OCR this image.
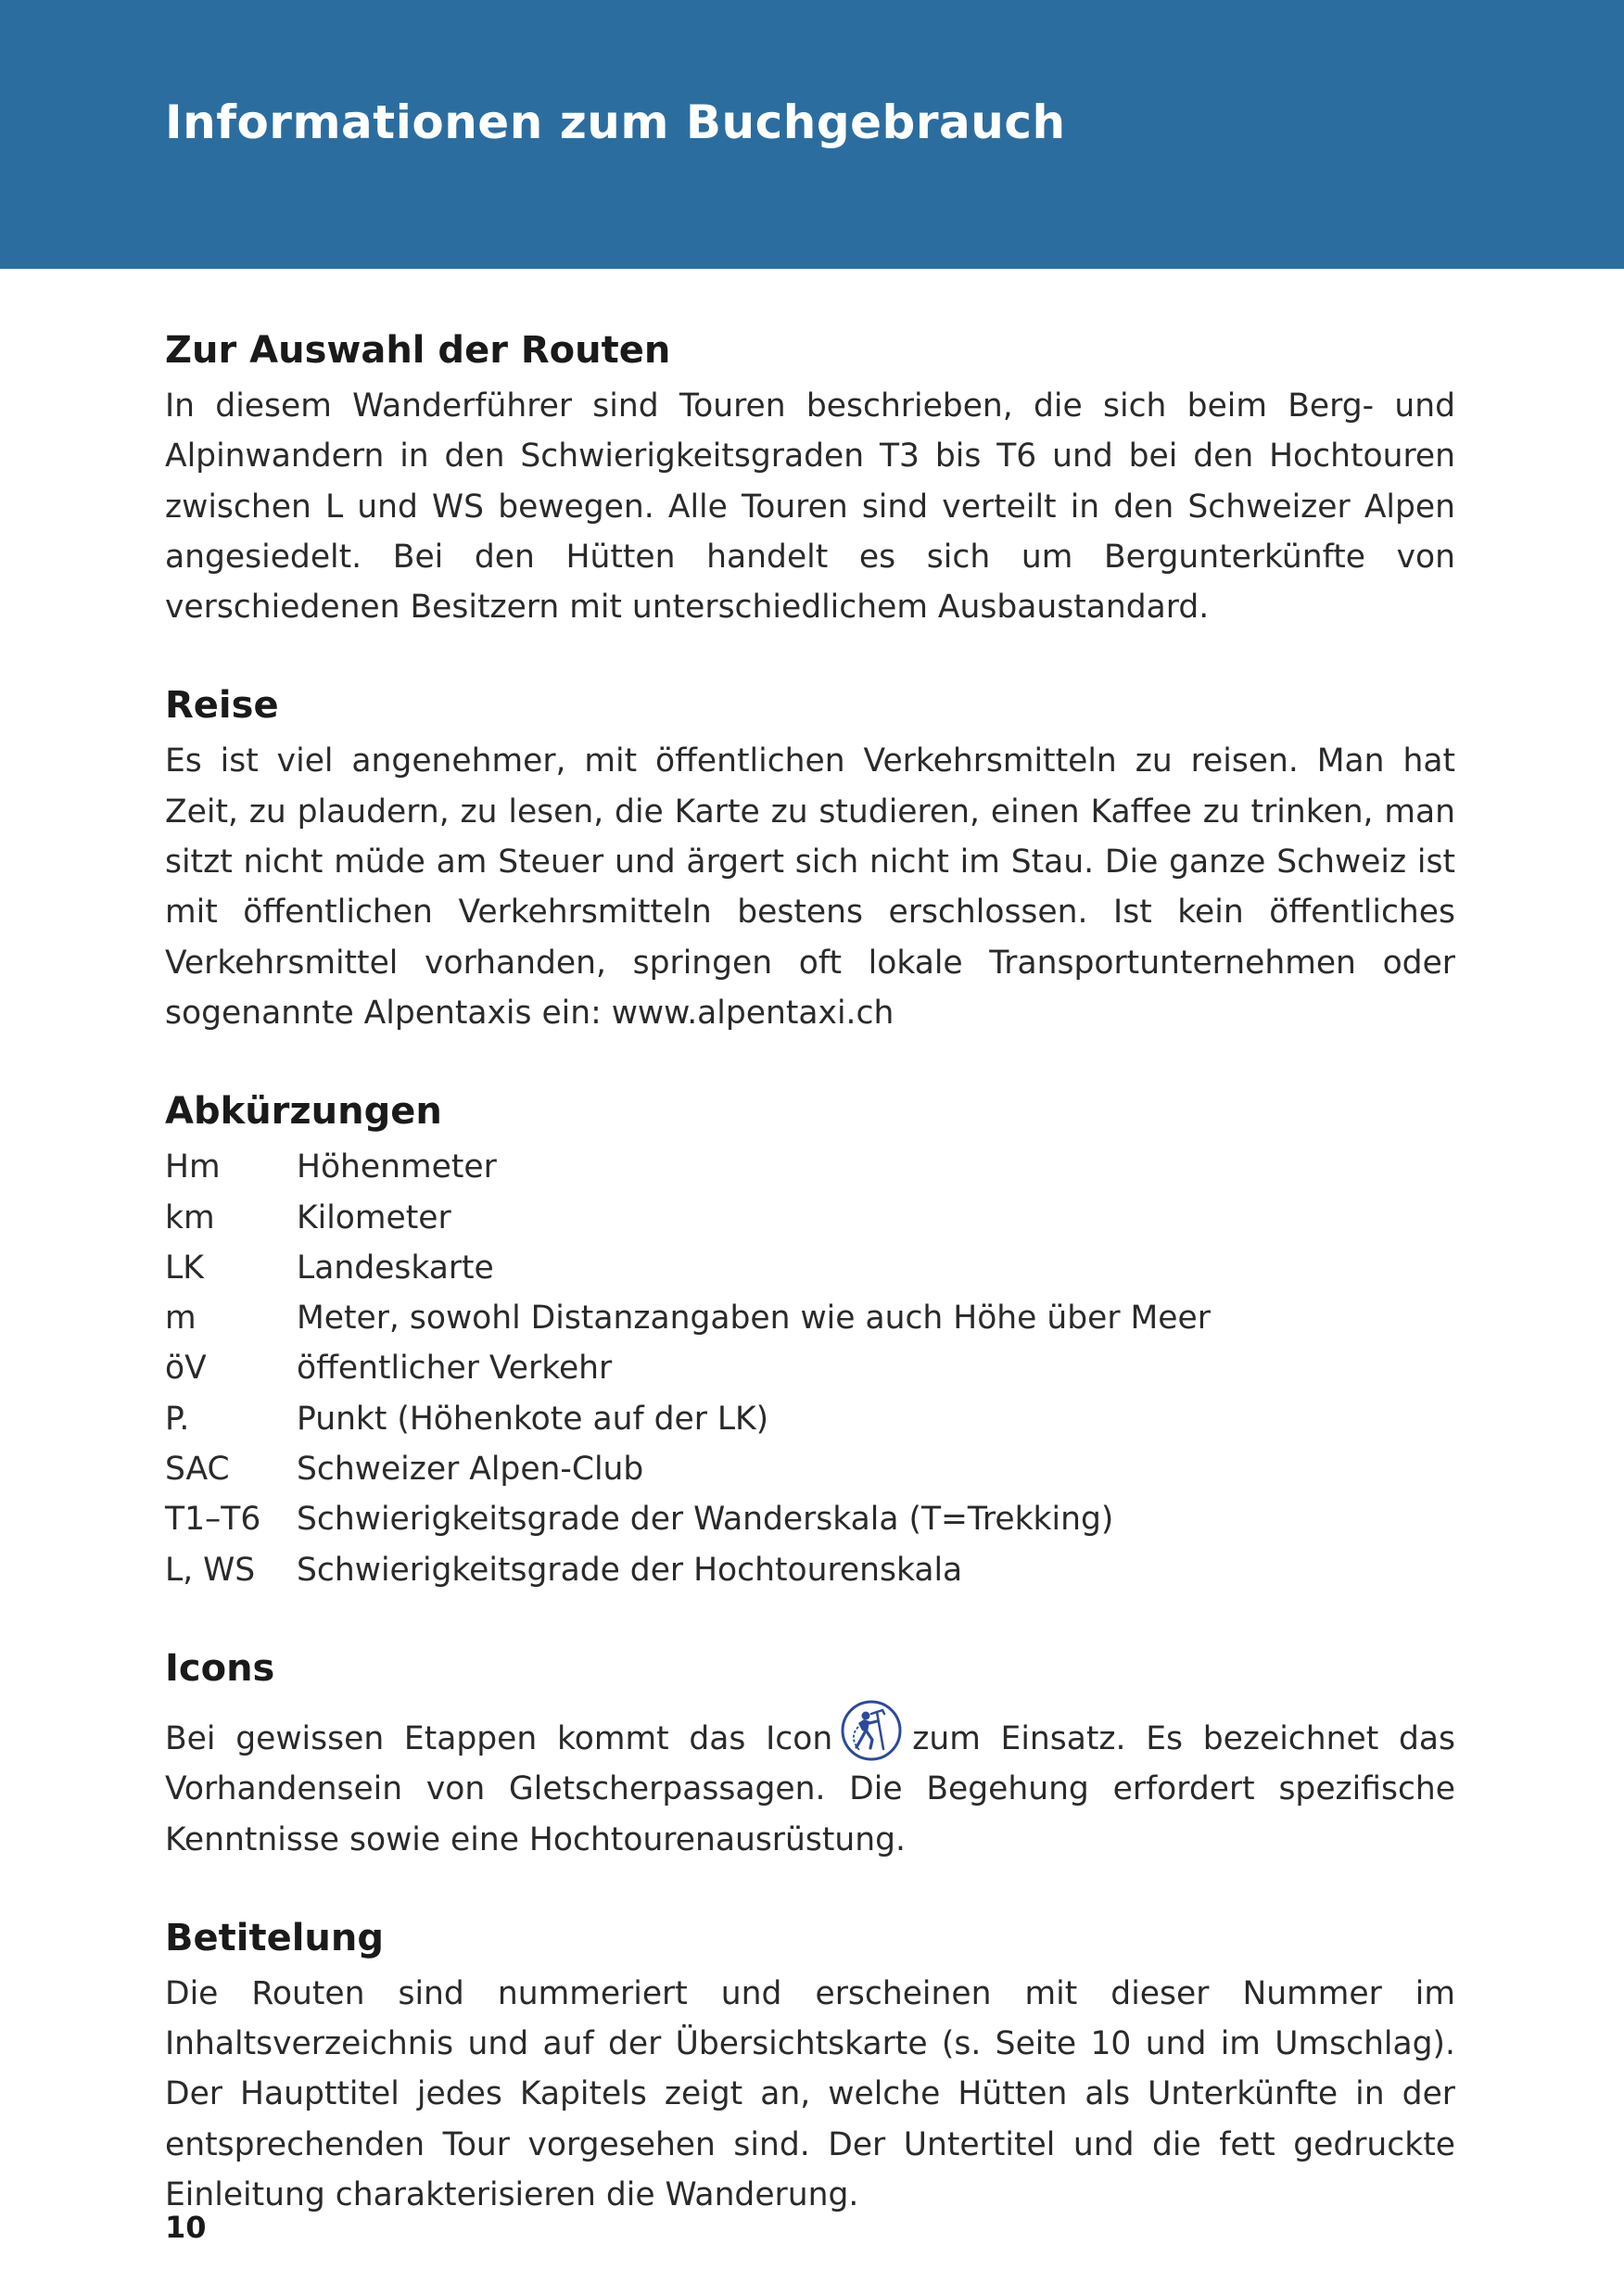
Informationen zum Buchgebrauch
Zur Auswahl der Routen

In diesem Wanderführer sind Touren beschrieben, die sich beim Berg- und Alpinwandern in den Schwierigkeitsgraden T3 bis T6 und bei den Hochtouren zwischen L und WS bewegen. Alle Touren sind verteilt in den Schweizer Alpen angesiedelt. Bei den Hütten handelt es sich um Bergunterkünfte von verschiedenen Besitzern mit unterschiedlichem Ausbaustandard.

Reise

Es ist viel angenehmer, mit öffentlichen Verkehrsmitteln zu reisen. Man hat Zeit, zu plaudern, zu lesen, die Karte zu studieren, einen Kaffee zu trinken, man sitzt nicht müde am Steuer und ärgert sich nicht im Stau. Die ganze Schweiz ist mit öffentlichen Verkehrsmitteln bestens erschlossen. Ist kein öffentliches Verkehrsmittel vorhanden, springen oft lokale Transportunternehmen oder sogenannte Alpentaxis ein: www.alpentaxi.ch

Abkürzungen
Hm	Höhenmeter
km	Kilometer
LK	Landeskarte
m	Meter, sowohl Distanzangaben wie auch Höhe über Meer
öV	öffentlicher Verkehr
P.	Punkt (Höhenkote auf der LK)
SAC	Schweizer Alpen-Club
T1–T6	Schwierigkeitsgrade der Wanderskala (T=Trekking)
L, WS	Schwierigkeitsgrade der Hochtourenskala
Icons

Bei gewissen Etappen kommt das Icon zum Einsatz. Es bezeichnet das Vorhandensein von Gletscherpassagen. Die Begehung erfordert spezifische Kenntnisse sowie eine Hochtourenausrüstung.

Betitelung

Die Routen sind nummeriert und erscheinen mit dieser Nummer im Inhaltsverzeichnis und auf der Übersichtskarte (s. Seite 10 und im Umschlag). Der Haupttitel jedes Kapitels zeigt an, welche Hütten als Unterkünfte in der entsprechenden Tour vorgesehen sind. Der Untertitel und die fett gedruckte Einleitung charakterisieren die Wanderung.

10
